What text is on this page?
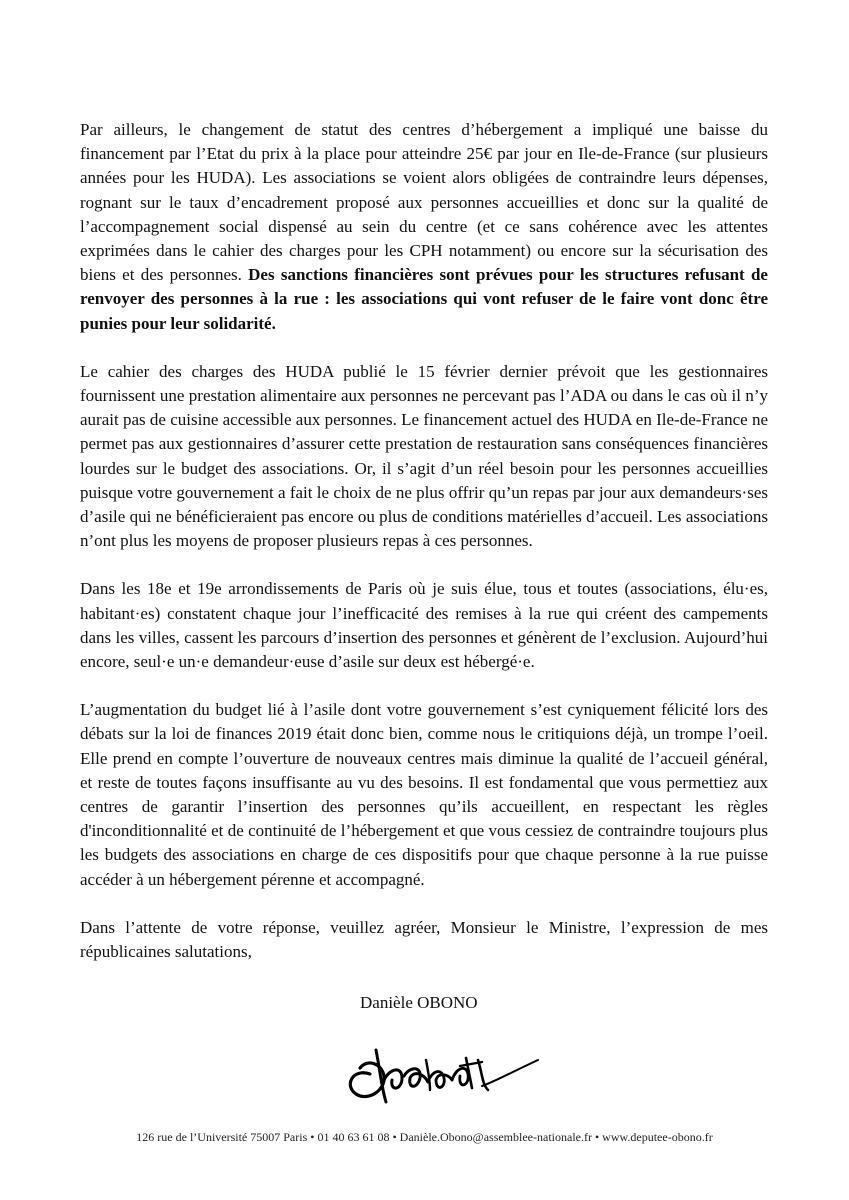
Par ailleurs, le changement de statut des centres d’hébergement a impliqué une baisse du financement par l’Etat du prix à la place pour atteindre 25€ par jour en Ile-de-France (sur plusieurs années pour les HUDA). Les associations se voient alors obligées de contraindre leurs dépenses, rognant sur le taux d’encadrement proposé aux personnes accueillies et donc sur la qualité de l’accompagnement social dispensé au sein du centre (et ce sans cohérence avec les attentes exprimées dans le cahier des charges pour les CPH notamment) ou encore sur la sécurisation des biens et des personnes. Des sanctions financières sont prévues pour les structures refusant de renvoyer des personnes à la rue : les associations qui vont refuser de le faire vont donc être punies pour leur solidarité.

Le cahier des charges des HUDA publié le 15 février dernier prévoit que les gestionnaires fournissent une prestation alimentaire aux personnes ne percevant pas l’ADA ou dans le cas où il n’y aurait pas de cuisine accessible aux personnes. Le financement actuel des HUDA en Ile-de-France ne permet pas aux gestionnaires d’assurer cette prestation de restauration sans conséquences financières lourdes sur le budget des associations. Or, il s’agit d’un réel besoin pour les personnes accueillies puisque votre gouvernement a fait le choix de ne plus offrir qu’un repas par jour aux demandeurs·ses d’asile qui ne bénéficieraient pas encore ou plus de conditions matérielles d’accueil. Les associations n’ont plus les moyens de proposer plusieurs repas à ces personnes.

Dans les 18e et 19e arrondissements de Paris où je suis élue, tous et toutes (associations, élu·es, habitant·es) constatent chaque jour l’inefficacité des remises à la rue qui créent des campements dans les villes, cassent les parcours d’insertion des personnes et génèrent de l’exclusion. Aujourd’hui encore, seul·e un·e demandeur·euse d’asile sur deux est hébergé·e.

L’augmentation du budget lié à l’asile dont votre gouvernement s’est cyniquement félicité lors des débats sur la loi de finances 2019 était donc bien, comme nous le critiquions déjà, un trompe l’oeil. Elle prend en compte l’ouverture de nouveaux centres mais diminue la qualité de l’accueil général, et reste de toutes façons insuffisante au vu des besoins. Il est fondamental que vous permettiez aux centres de garantir l’insertion des personnes qu’ils accueillent, en respectant les règles d'inconditionnalité et de continuité de l’hébergement et que vous cessiez de contraindre toujours plus les budgets des associations en charge de ces dispositifs pour que chaque personne à la rue puisse accéder à un hébergement pérenne et accompagné.

Dans l’attente de votre réponse, veuillez agréer, Monsieur le Ministre, l’expression de mes républicaines salutations,

Danièle OBONO
126 rue de l’Université 75007 Paris • 01 40 63 61 08 • Danièle.Obono@assemblee-nationale.fr • www.deputee-obono.fr
